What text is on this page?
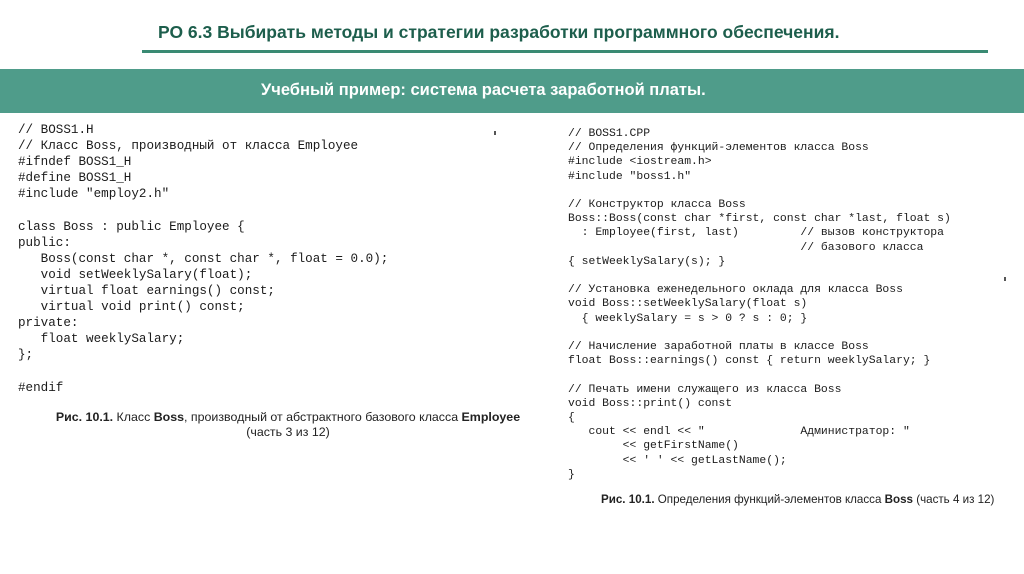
РО 6.3 Выбирать методы и стратегии разработки программного обеспечения.
Учебный пример: система расчета заработной платы.
// BOSS1.H
// Класс Boss, производный от класса Employee
#ifndef BOSS1_H
#define BOSS1_H
#include "employ2.h"
class Boss : public Employee {
public:
Boss(const char *, const char *, float = 0.0);
void setWeeklySalary(float);
virtual float earnings() const;
virtual void print() const;
private:
float weeklySalary;
};
#endif
Рис. 10.1. Класс Boss, производный от абстрактного базового класса Employee
(часть 3 из 12)
// BOSS1.CPP
// Определения функций-элементов класса Boss
#include <iostream.h>
#include "boss1.h"
// Конструктор класса Boss
Boss::Boss(const char *first, const char *last, float s)
: Employee(first, last)         // вызов конструктора
// базового класса
{ setWeeklySalary(s); }
// Установка еженедельного оклада для класса Boss
void Boss::setWeeklySalary(float s)
{ weeklySalary = s > 0 ? s : 0; }
// Начисление заработной платы в классе Boss
float Boss::earnings() const { return weeklySalary; }
// Печать имени служащего из класса Boss
void Boss::print() const
{
cout << endl << "              Администратор: "
<< getFirstName()
<< ' ' << getLastName();
}
Рис. 10.1. Определения функций-элементов класса Boss (часть 4 из 12)
